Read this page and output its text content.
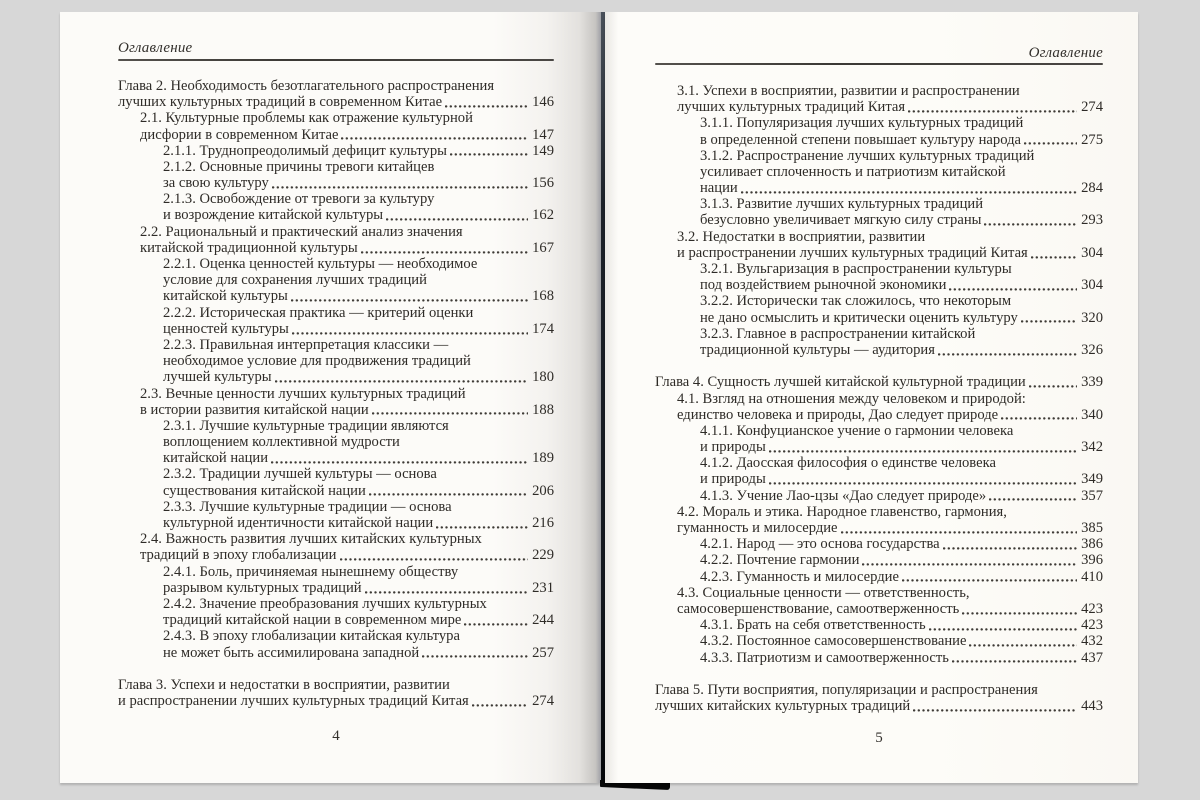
Оглавление
Глава 2. Необходимость безотлагательного распространения
лучших культурных традиций в современном Китае	146
2.1. Культурные проблемы как отражение культурной
дисфории в современном Китае	147
2.1.1. Труднопреодолимый дефицит культуры	149
2.1.2. Основные причины тревоги китайцев
за свою культуру	156
2.1.3. Освобождение от тревоги за культуру
и возрождение китайской культуры	162
2.2. Рациональный и практический анализ значения
китайской традиционной культуры	167
2.2.1. Оценка ценностей культуры — необходимое
условие для сохранения лучших традиций
китайской культуры	168
2.2.2. Историческая практика — критерий оценки
ценностей культуры	174
2.2.3. Правильная интерпретация классики —
необходимое условие для продвижения традиций
лучшей культуры	180
2.3. Вечные ценности лучших культурных традиций
в истории развития китайской нации	188
2.3.1. Лучшие культурные традиции являются
воплощением коллективной мудрости
китайской нации	189
2.3.2. Традиции лучшей культуры — основа
существования китайской нации	206
2.3.3. Лучшие культурные традиции — основа
культурной идентичности китайской нации	216
2.4. Важность развития лучших китайских культурных
традиций в эпоху глобализации	229
2.4.1. Боль, причиняемая нынешнему обществу
разрывом культурных традиций	231
2.4.2. Значение преобразования лучших культурных
традиций китайской нации в современном мире	244
2.4.3. В эпоху глобализации китайская культура
не может быть ассимилирована западной	257
Глава 3. Успехи и недостатки в восприятии, развитии
и распространении лучших культурных традиций Китая	274
4
Оглавление
3.1. Успехи в восприятии, развитии и распространении
лучших культурных традиций Китая	274
3.1.1. Популяризация лучших культурных традиций
в определенной степени повышает культуру народа	275
3.1.2. Распространение лучших культурных традиций
усиливает сплоченность и патриотизм китайской
нации	284
3.1.3. Развитие лучших культурных традиций
безусловно увеличивает мягкую силу страны	293
3.2. Недостатки в восприятии, развитии
и распространении лучших культурных традиций Китая	304
3.2.1. Вульгаризация в распространении культуры
под воздействием рыночной экономики	304
3.2.2. Исторически так сложилось, что некоторым
не дано осмыслить и критически оценить культуру	320
3.2.3. Главное в распространении китайской
традиционной культуры — аудитория	326
Глава 4. Сущность лучшей китайской культурной традиции	339
4.1. Взгляд на отношения между человеком и природой:
единство человека и природы, Дао следует природе	340
4.1.1. Конфуцианское учение о гармонии человека
и природы	342
4.1.2. Даосская философия о единстве человека
и природы	349
4.1.3. Учение Лао-цзы «Дао следует природе»	357
4.2. Мораль и этика. Народное главенство, гармония,
гуманность и милосердие	385
4.2.1. Народ — это основа государства	386
4.2.2. Почтение гармонии	396
4.2.3. Гуманность и милосердие	410
4.3. Социальные ценности — ответственность,
самосовершенствование, самоотверженность	423
4.3.1. Брать на себя ответственность	423
4.3.2. Постоянное самосовершенствование	432
4.3.3. Патриотизм и самоотверженность	437
Глава 5. Пути восприятия, популяризации и распространения
лучших китайских культурных традиций	443
5
